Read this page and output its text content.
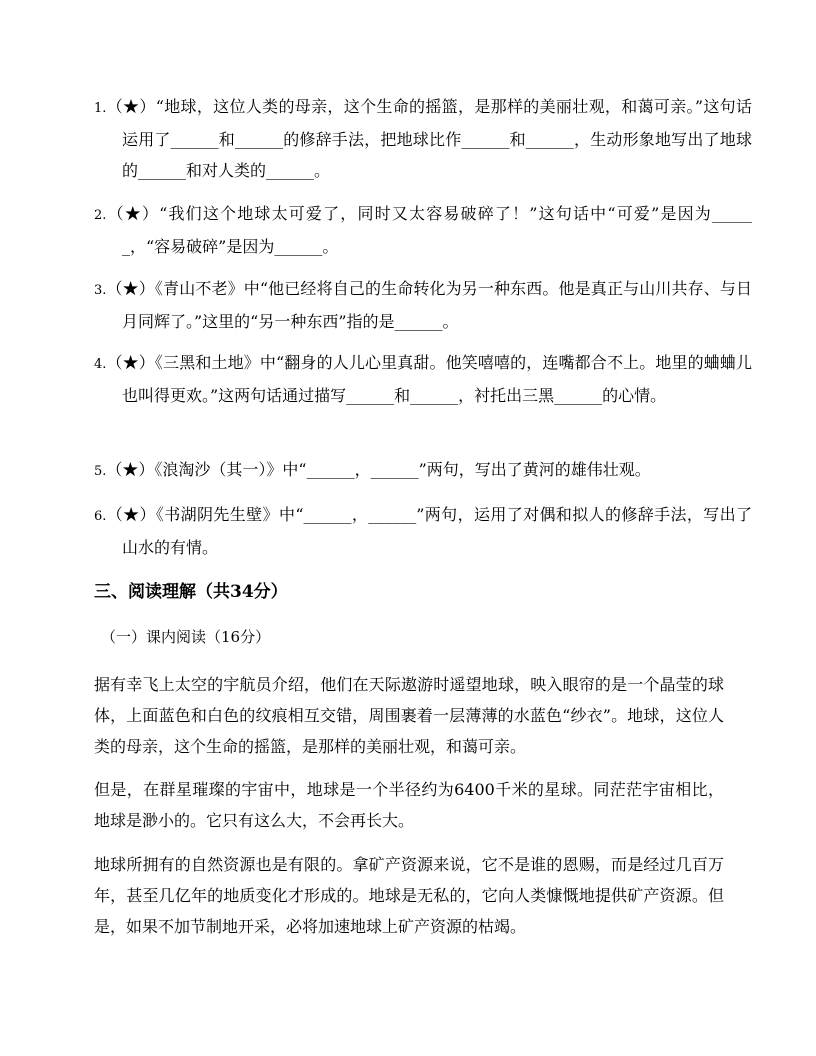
1.（★）“地球，这位人类的母亲，这个生命的摇篮，是那样的美丽壮观，和蔼可亲。”这句话运用了______和______的修辞手法，把地球比作______和______，生动形象地写出了地球的______和对人类的______。
2.（★）“我们这个地球太可爱了，同时又太容易破碎了！”这句话中“可爱”是因为______，“容易破碎”是因为______。
3.（★）《青山不老》中“他已经将自己的生命转化为另一种东西。他是真正与山川共存、与日月同辉了。”这里的“另一种东西”指的是______。
4.（★）《三黑和土地》中“翻身的人儿心里真甜。他笑嘻嘻的，连嘴都合不上。地里的蛐蛐儿也叫得更欢。”这两句话通过描写______和______，衬托出三黑______的心情。
5.（★）《浪淘沙（其一）》中“______，______”两句，写出了黄河的雄伟壮观。
6.（★）《书湖阴先生壁》中“______，______”两句，运用了对偶和拟人的修辞手法，写出了山水的有情。
三、阅读理解（共34分）
（一）课内阅读（16分）
据有幸飞上太空的宇航员介绍，他们在天际遨游时遥望地球，映入眼帘的是一个晶莹的球体，上面蓝色和白色的纹痕相互交错，周围裹着一层薄薄的水蓝色“纱衣”。地球，这位人类的母亲，这个生命的摇篮，是那样的美丽壮观，和蔼可亲。
但是，在群星璀璨的宇宙中，地球是一个半径约为6400千米的星球。同茫茫宇宙相比，地球是渺小的。它只有这么大，不会再长大。
地球所拥有的自然资源也是有限的。拿矿产资源来说，它不是谁的恩赐，而是经过几百万年，甚至几亿年的地质变化才形成的。地球是无私的，它向人类慷慨地提供矿产资源。但是，如果不加节制地开采，必将加速地球上矿产资源的枯竭。
